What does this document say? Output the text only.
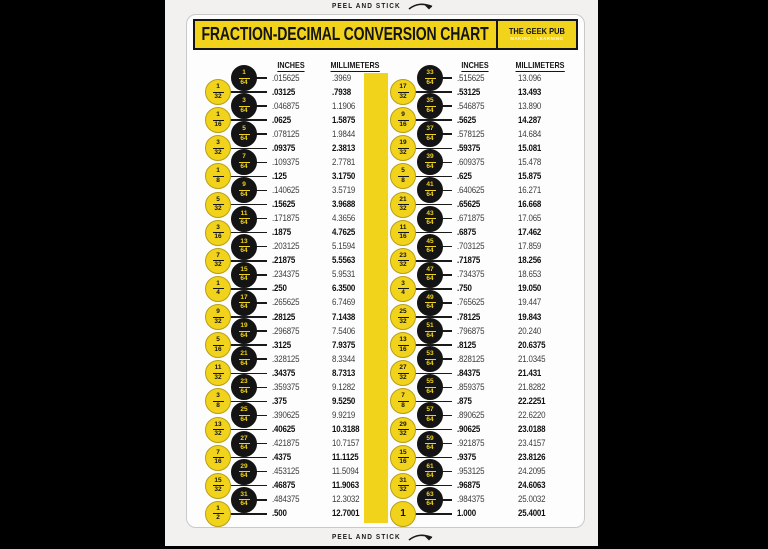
PEEL AND STICK
FRACTION-DECIMAL CONVERSION CHART THE GEEK PUB
MAKING · LEARNING
INCHES	MILLIMETERS	INCHES	MILLIMETERS
1
64	.015625	.3969
1
32	.03125	.7938
3
64	.046875	1.1906
1
16	.0625	1.5875
5
64	.078125	1.9844
3
32	.09375	2.3813
7
64	.109375	2.7781
1
8	.125	3.1750
9
64	.140625	3.5719
5
32	.15625	3.9688
11
64	.171875	4.3656
3
16	.1875	4.7625
13
64	.203125	5.1594
7
32	.21875	5.5563
15
64	.234375	5.9531
1
4	.250	6.3500
17
64	.265625	6.7469
9
32	.28125	7.1438
19
64	.296875	7.5406
5
16	.3125	7.9375
21
64	.328125	8.3344
11
32	.34375	8.7313
23
64	.359375	9.1282
3
8	.375	9.5250
25
64	.390625	9.9219
13
32	.40625	10.3188
27
64	.421875	10.7157
7
16	.4375	11.1125
29
64	.453125	11.5094
15
32	.46875	11.9063
31
64	.484375	12.3032
1
2	.500	12.7001
33
64	.515625	13.096
17
32	.53125	13.493
35
64	.546875	13.890
9
16	.5625	14.287
37
64	.578125	14.684
19
32	.59375	15.081
39
64	.609375	15.478
5
8	.625	15.875
41
64	.640625	16.271
21
32	.65625	16.668
43
64	.671875	17.065
11
16	.6875	17.462
45
64	.703125	17.859
23
32	.71875	18.256
47
64	.734375	18.653
3
4	.750	19.050
49
64	.765625	19.447
25
32	.78125	19.843
51
64	.796875	20.240
13
16	.8125	20.6375
53
64	.828125	21.0345
27
32	.84375	21.431
55
64	.859375	21.8282
7
8	.875	22.2251
57
64	.890625	22.6220
29
32	.90625	23.0188
59
64	.921875	23.4157
15
16	.9375	23.8126
61
64	.953125	24.2095
31
32	.96875	24.6063
63
64	.984375	25.0032
1	1.000	25.4001
PEEL AND STICK
